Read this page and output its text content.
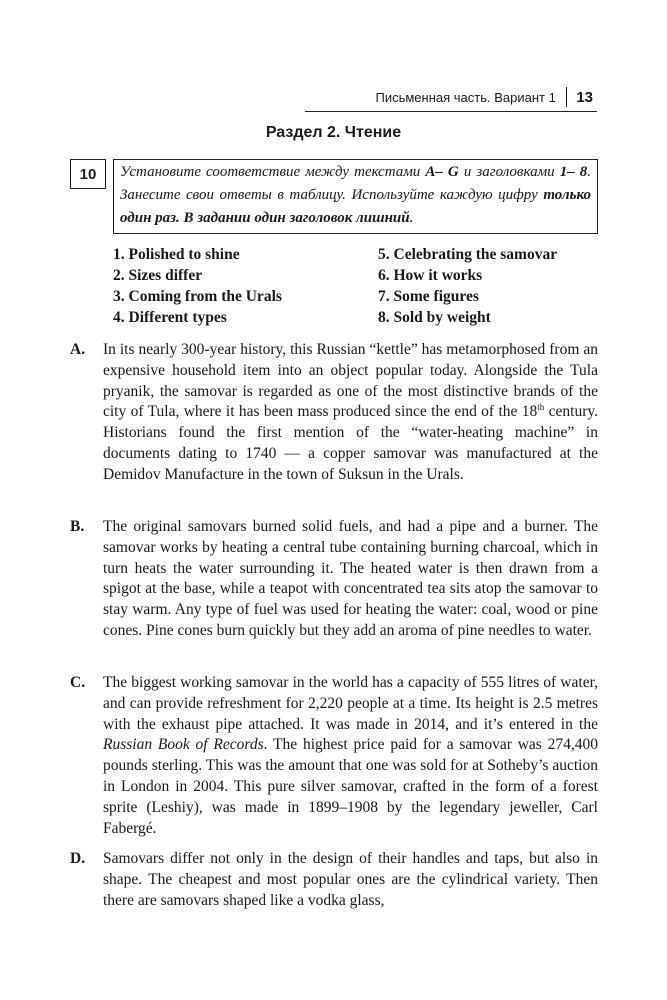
Письменная часть. Вариант 1	13
Раздел 2. Чтение
10	Установите соответствие между текстами A– G и заголовками 1– 8. Занесите свои ответы в таблицу. Используйте каждую цифру только один раз. В задании один заголовок лишний.
1. Polished to shine	5. Celebrating the samovar
2. Sizes differ	6. How it works
3. Coming from the Urals	7. Some figures
4. Different types	8. Sold by weight
A. In its nearly 300-year history, this Russian “kettle” has metamorphosed from an expensive household item into an object popular today. Alongside the Tula pryanik, the samovar is regarded as one of the most distinctive brands of the city of Tula, where it has been mass produced since the end of the 18th century. Historians found the first mention of the “water-heating machine” in documents dating to 1740 — a copper samovar was manufactured at the Demidov Manufacture in the town of Suksun in the Urals.
B. The original samovars burned solid fuels, and had a pipe and a burner. The samovar works by heating a central tube containing burning charcoal, which in turn heats the water surrounding it. The heated water is then drawn from a spigot at the base, while a teapot with concentrated tea sits atop the samovar to stay warm. Any type of fuel was used for heating the water: coal, wood or pine cones. Pine cones burn quickly but they add an aroma of pine needles to water.
C. The biggest working samovar in the world has a capacity of 555 litres of water, and can provide refreshment for 2,220 people at a time. Its height is 2.5 metres with the exhaust pipe attached. It was made in 2014, and it’s entered in the Russian Book of Records. The highest price paid for a samovar was 274,400 pounds sterling. This was the amount that one was sold for at Sotheby’s auction in London in 2004. This pure silver samovar, crafted in the form of a forest sprite (Leshiy), was made in 1899–1908 by the legendary jeweller, Carl Fabergé.
D. Samovars differ not only in the design of their handles and taps, but also in shape. The cheapest and most popular ones are the cylindrical variety. Then there are samovars shaped like a vodka glass,
